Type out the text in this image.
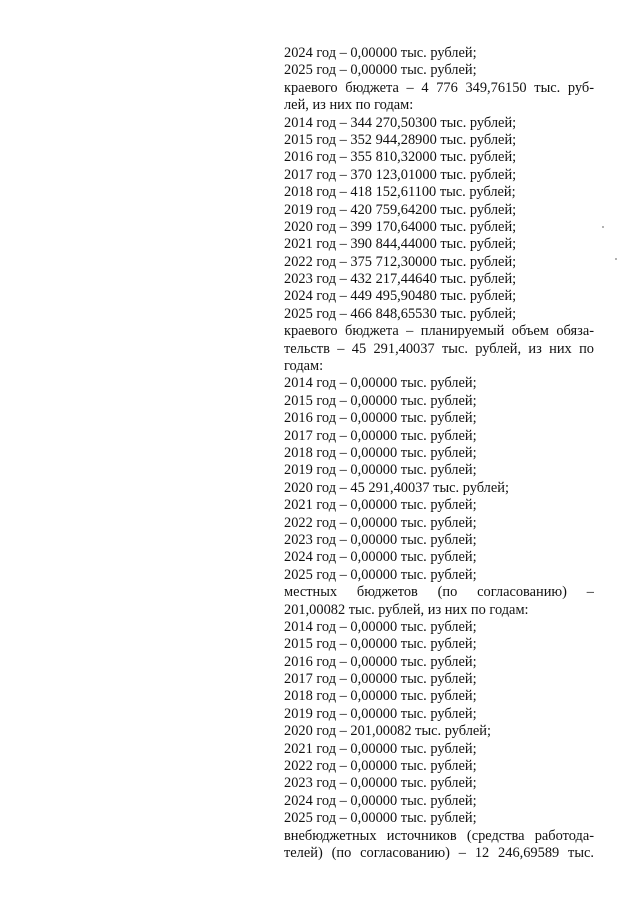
2024 год – 0,00000 тыс. рублей;
2025 год – 0,00000 тыс. рублей;
краевого бюджета – 4 776 349,76150 тыс. руб-
лей, из них по годам:
2014 год – 344 270,50300 тыс. рублей;
2015 год – 352 944,28900 тыс. рублей;
2016 год – 355 810,32000 тыс. рублей;
2017 год – 370 123,01000 тыс. рублей;
2018 год – 418 152,61100 тыс. рублей;
2019 год – 420 759,64200 тыс. рублей;
2020 год – 399 170,64000 тыс. рублей;
2021 год – 390 844,44000 тыс. рублей;
2022 год – 375 712,30000 тыс. рублей;
2023 год – 432 217,44640 тыс. рублей;
2024 год – 449 495,90480 тыс. рублей;
2025 год – 466 848,65530 тыс. рублей;
краевого бюджета – планируемый объем обяза-
тельств – 45 291,40037 тыс. рублей, из них по
годам:
2014 год – 0,00000 тыс. рублей;
2015 год – 0,00000 тыс. рублей;
2016 год – 0,00000 тыс. рублей;
2017 год – 0,00000 тыс. рублей;
2018 год – 0,00000 тыс. рублей;
2019 год – 0,00000 тыс. рублей;
2020 год – 45 291,40037 тыс. рублей;
2021 год – 0,00000 тыс. рублей;
2022 год – 0,00000 тыс. рублей;
2023 год – 0,00000 тыс. рублей;
2024 год – 0,00000 тыс. рублей;
2025 год – 0,00000 тыс. рублей;
местных бюджетов (по согласованию) –
201,00082 тыс. рублей, из них по годам:
2014 год – 0,00000 тыс. рублей;
2015 год – 0,00000 тыс. рублей;
2016 год – 0,00000 тыс. рублей;
2017 год – 0,00000 тыс. рублей;
2018 год – 0,00000 тыс. рублей;
2019 год – 0,00000 тыс. рублей;
2020 год – 201,00082 тыс. рублей;
2021 год – 0,00000 тыс. рублей;
2022 год – 0,00000 тыс. рублей;
2023 год – 0,00000 тыс. рублей;
2024 год – 0,00000 тыс. рублей;
2025 год – 0,00000 тыс. рублей;
внебюджетных источников (средства работода-
телей) (по согласованию) – 12 246,69589 тыс.
